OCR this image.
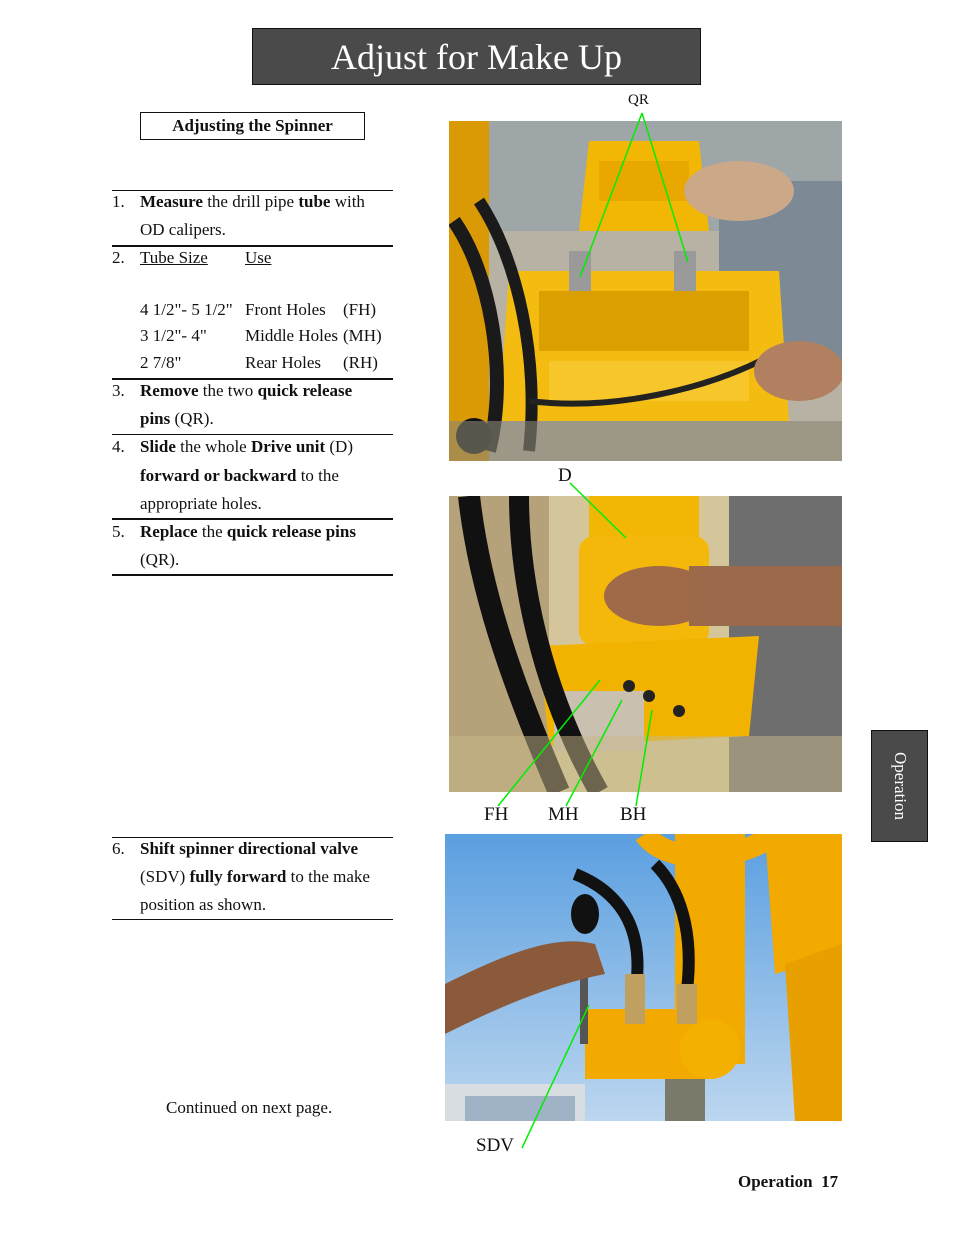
Adjust for Make Up
Adjusting the Spinner
1. Measure the drill pipe tube with
OD calipers.
2. Tube Size Use
4 1/2"- 5 1/2" Front Holes (FH)
3 1/2"- 4" Middle Holes (MH)
2 7/8"	Rear Holes (RH)
3. Remove the two quick release
pins (QR).
4. Slide the whole Drive unit (D)
forward or backward to the
appropriate holes.
5. Replace the quick release pins
(QR).
6. Shift spinner directional valve
(SDV) fully forward to the make
position as shown.
Continued on next page.
QR
D
FH MH BH
SDV
Operation
Operation 17
